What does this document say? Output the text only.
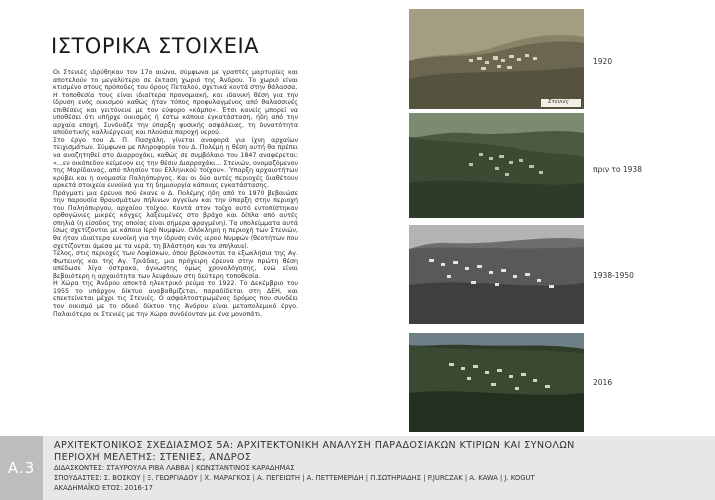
ΙΣΤΟΡΙΚΑ ΣΤΟΙΧΕΙΑ

Οι Στενιές ιδρύθηκαν τον 17ο αιώνα, σύμφωνα με γραπτές μαρτυρίες και αποτελούν το μεγαλύτερο σε έκταση χωριό της Άνδρου. Το χωριό είναι κτισμένο στους πρόποδες του όρους Πεταλού, σχετικά κοντά στην θάλασσα.

Η τοποθεσία τους είναι ιδιαίτερα προνομιακή, και ιδανική θέση για την ίδρυση ενός οικισμού καθώς ήταν τόπος προφυλαγμένος από θαλασσινές επιθέσεις και γειτόνευε με τον εύφορο «κάμπο». Έτσι κανείς μπορεί να υποθέσει ότι υπήρχε οικισμός ή έστω κάποια εγκατάσταση, ήδη από την αρχαία εποχή. Συνδυάζε την ύπαρξη φυσικής ασφάλειας, τη δυνατότητα αποδοτικής καλλιέργειας και πλούσια παροχή νερού.

Στο έργο του Δ. Π. Πασχάλη, γίνεται αναφορά για ίχνη αρχαίων τειχισμάτων. Σύμφωνα με πληροφορία του Δ. Πολέμη η θέση αυτή θα πρέπει να αναζητηθεί στο Διαρροχάκι, καθώς σε συμβόλαιο του 1847 αναφέρεται: «...εν οικόπεδον κείμενον εις την θέσιν Διαρροχάκι... Στενιών, ονομαζόμενον της Μαρίδαινας, από πλησίον του Ελληνικού τοίχου». Ύπαρξη αρχαιοτήτων κρύβει και η ονομασία Παληόπυργος. Και οι δύο αυτές περιοχές διαθέτουν αρκετά στοιχεία ευνοϊκά για τη δημιουργία κάποιας εγκατάστασης.

Πράγματι μια έρευνα πού έκανε ο Δ. Πολέμης ήδη από το 1970 βεβαιώσε την παρουσία θραυσμάτων πήλινων αγγείων και την ύπαρξη στην περιοχή του Παληόπυργου, αρχαίου τοίχου. Κοντά στον τοίχο αυτό εντοπίστηκαν ορθογώνιες μικρές κόγχες λαξευμένες στο βράχο και δίπλα από αυτές σπηλιά (η είσοδος της οποίας είναι σήμερα φραγμένη). Τα υπολείμματα αυτά ίσως σχετίζονται με κάποιο Ιερό Νυμφών. Ολόκληρη η περιοχή των Στενιών, θα ήταν ιδιαίτερα ευνοϊκή για την ίδρυση ενός ιερού Νυμφών (θεοτήτων που σχετίζονται άμεσα με τα νερά, τη βλάστηση και τα σπήλαια).

Τέλος, στις περιοχές των Λοφίσκων, όπου βρίσκονται τα εξωκλήσια της Αγ. Φωτεινής και της Αγ. Τριάδας, μια πρόχειρη έρευνα στην πρώτη θέση απέδωσε λίγα όστρακα, άγνωστης όμως χρονολόγησης, ενώ είναι βεβαιότερη η αρχαιότητα των λειψάνων στη δεύτερη τοποθεσία.

Η Χώρα της Άνδρου αποκτά ηλεκτρικό ρεύμα το 1922. Το Δεκέμβριο του 1955 το υπάρχον δίκτυο αναβαθμίζεται, παραδίδεται στη ΔΕΗ, και επεκτείνεται μέχρι τις Στενιές. Ο ασφαλτοστρωμένος δρόμος που συνδέει τον οικισμό με το οδικό δίκτυο της Άνδρου είναι μεταπολεμικό έργο. Παλαιότερα οι Στενιές με την Χώρα συνδέονταν με ένα μονοπάτι.

Στενιές
1920
πριν το 1938
1938-1950
2016
Α.3
ΑΡΧΙΤΕΚΤΟΝΙΚΟΣ ΣΧΕΔΙΑΣΜΟΣ 5Α: ΑΡΧΙΤΕΚΤΟΝΙΚΗ ΑΝΑΛΥΣΗ ΠΑΡΑΔΟΣΙΑΚΩΝ ΚΤΙΡΙΩΝ ΚΑΙ ΣΥΝΟΛΩΝ
ΠΕΡΙΟΧΗ ΜΕΛΕΤΗΣ: ΣΤΕΝΙΕΣ, ΑΝΔΡΟΣ
ΔΙΔΑΣΚΟΝΤΕΣ: ΣΤΑΥΡΟΥΛΑ ΡΙΒΑ ΛΑΒΒΑ | ΚΩΝΣΤΑΝΤΙΝΟΣ ΚΑΡΑΔΗΜΑΣ
ΣΠΟΥΔΑΣΤΕΣ: Σ. ΒΟΣΚΟΥ | Ξ. ΓΕΩΡΓΙΑΔΟΥ | Χ. ΜΑΡΑΓΚΟΣ | Α. ΠΕΓΕΙΩΤΗ | Α. ΠΕΤΤΕΜΕΡΙΔΗ | Π.ΣΩΤΗΡΙΑΔΗΣ | P.JURCZAK | A. KAWA | J. KOGUT
ΑΚΑΔΗΜΑΪΚΟ ΕΤΟΣ: 2016-17
